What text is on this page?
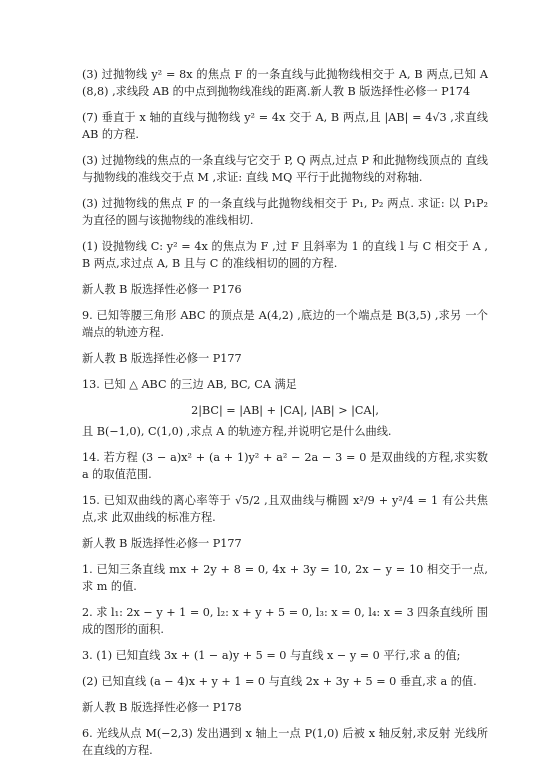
(3) 过抛物线 y² = 8x 的焦点 F 的一条直线与此抛物线相交于 A, B 两点,已知 A(8,8) ,求线段 AB 的中点到抛物线准线的距离.新人教 B 版选择性必修一 P174

(7) 垂直于 x 轴的直线与抛物线 y² = 4x 交于 A, B 两点,且 |AB| = 4√3 ,求直线 AB 的方程.

(3) 过抛物线的焦点的一条直线与它交于 P, Q 两点,过点 P 和此抛物线顶点的 直线与抛物线的准线交于点 M ,求证: 直线 MQ 平行于此抛物线的对称轴.

(3) 过抛物线的焦点 F 的一条直线与此抛物线相交于 P₁, P₂ 两点. 求证: 以 P₁P₂ 为直径的圆与该抛物线的准线相切.

(1) 设抛物线 C: y² = 4x 的焦点为 F ,过 F 且斜率为 1 的直线 l 与 C 相交于 A , B 两点,求过点 A, B 且与 C 的准线相切的圆的方程.

新人教 B 版选择性必修一 P176

9. 已知等腰三角形 ABC 的顶点是 A(4,2) ,底边的一个端点是 B(3,5) ,求另 一个端点的轨迹方程.

新人教 B 版选择性必修一 P177

13. 已知 △ ABC 的三边 AB, BC, CA 满足

2|BC| = |AB| + |CA|, |AB| > |CA|,

且 B(−1,0), C(1,0) ,求点 A 的轨迹方程,并说明它是什么曲线.

14. 若方程 (3 − a)x² + (a + 1)y² + a² − 2a − 3 = 0 是双曲线的方程,求实数 a 的取值范围.

15. 已知双曲线的离心率等于 √5/2 ,且双曲线与椭圆 x²/9 + y²/4 = 1 有公共焦点,求 此双曲线的标准方程.

新人教 B 版选择性必修一 P177

1. 已知三条直线 mx + 2y + 8 = 0, 4x + 3y = 10, 2x − y = 10 相交于一点,求 m 的值.

2. 求 l₁: 2x − y + 1 = 0, l₂: x + y + 5 = 0, l₃: x = 0, l₄: x = 3 四条直线所 围成的图形的面积.

3. (1) 已知直线 3x + (1 − a)y + 5 = 0 与直线 x − y = 0 平行,求 a 的值;

(2) 已知直线 (a − 4)x + y + 1 = 0 与直线 2x + 3y + 5 = 0 垂直,求 a 的值.

新人教 B 版选择性必修一 P178

6. 光线从点 M(−2,3) 发出遇到 x 轴上一点 P(1,0) 后被 x 轴反射,求反射 光线所在直线的方程.
